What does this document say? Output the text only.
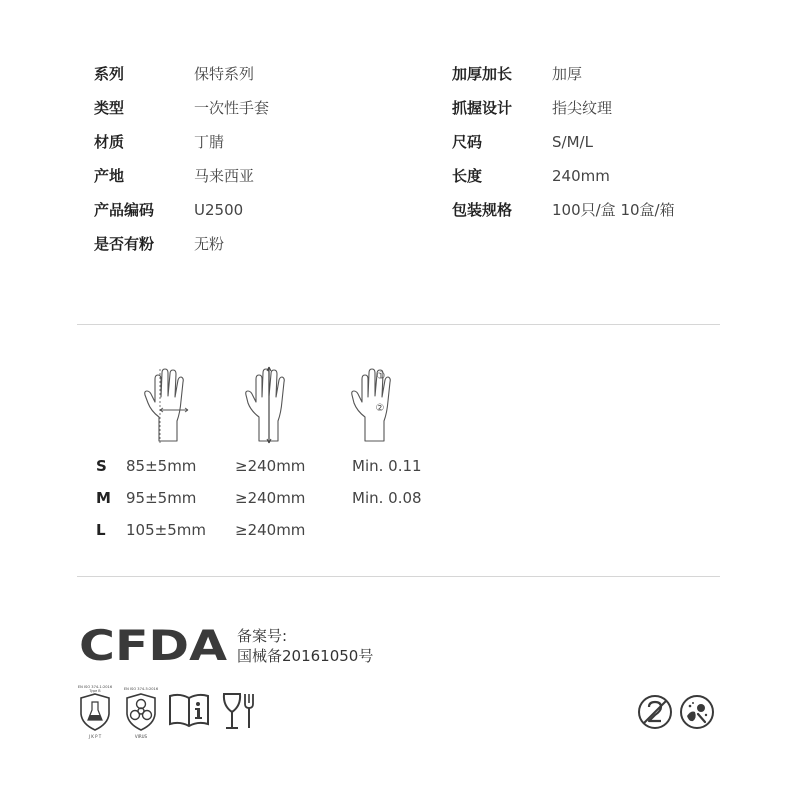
系列	保特系列
类型	一次性手套
材质	丁腈
产地	马来西亚
产品编码	U2500
是否有粉	无粉
加厚加长	加厚
抓握设计	指尖纹理
尺码	S/M/L
长度	240mm
包装规格	100只/盒 10盒/箱
①
②
S 85±5mm	≥240mm	Min. 0.11
M 95±5mm	≥240mm	Min. 0.08
L 105±5mm ≥240mm
CFDA 备案号:
国械备20161050号
EN ISO 374-1:2016
Type B
J K P T
EN ISO 374-5:2016
VIRUS
